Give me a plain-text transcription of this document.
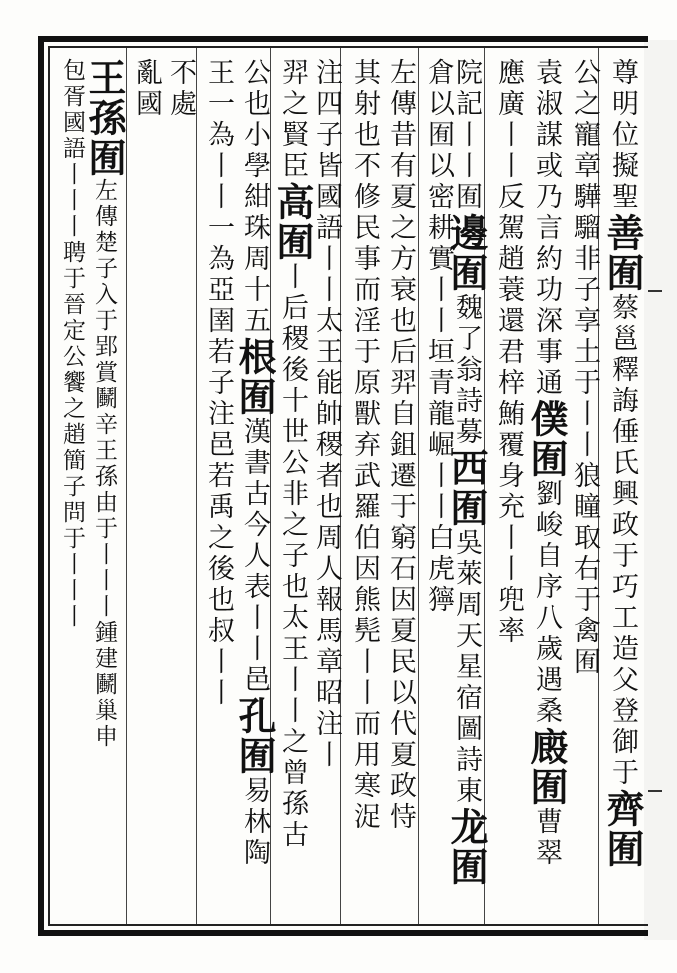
尊明位擬聖善囿蔡邕釋誨倕氏興政于巧工造父登御于齊囿
公之寵章驊騮非子享土于丨丨狼瞳取右于禽囿
袁淑謀或乃言約功深事通僕囿劉峻自序八歲遇桑廄囿曹翠
應廣丨丨反駕趙蓑還君梓鮪覆身充丨丨兜率
院記丨丨囿邊囿魏了翁詩募西囿吳萊周天星宿圖詩東龙囿
倉以囿以密耕實丨丨垣青龍崛丨丨白虎獰
左傳昔有夏之方衰也后羿自鉏遷于窮石因夏民以代夏政恃
其射也不修民事而淫于原獸弃武羅伯因熊髡丨丨而用寒浞
注四子皆國語丨丨太王能帥稷者也周人報馬章昭注丨
羿之賢臣高囿丨后稷後十世公非之子也太王丨丨之曾孫古
公也小學紺珠周十五根囿漢書古今人表丨丨邑孔囿易林陶
王一為丨丨一為亞圉若子注邑若禹之後也叔丨丨
不處
亂國
王孫囿左傳楚子入于郢賞鬭辛王孫由于丨丨丨鍾建鬭巢申
包胥國語丨丨丨聘于晉定公饗之趙簡子問于丨丨丨
